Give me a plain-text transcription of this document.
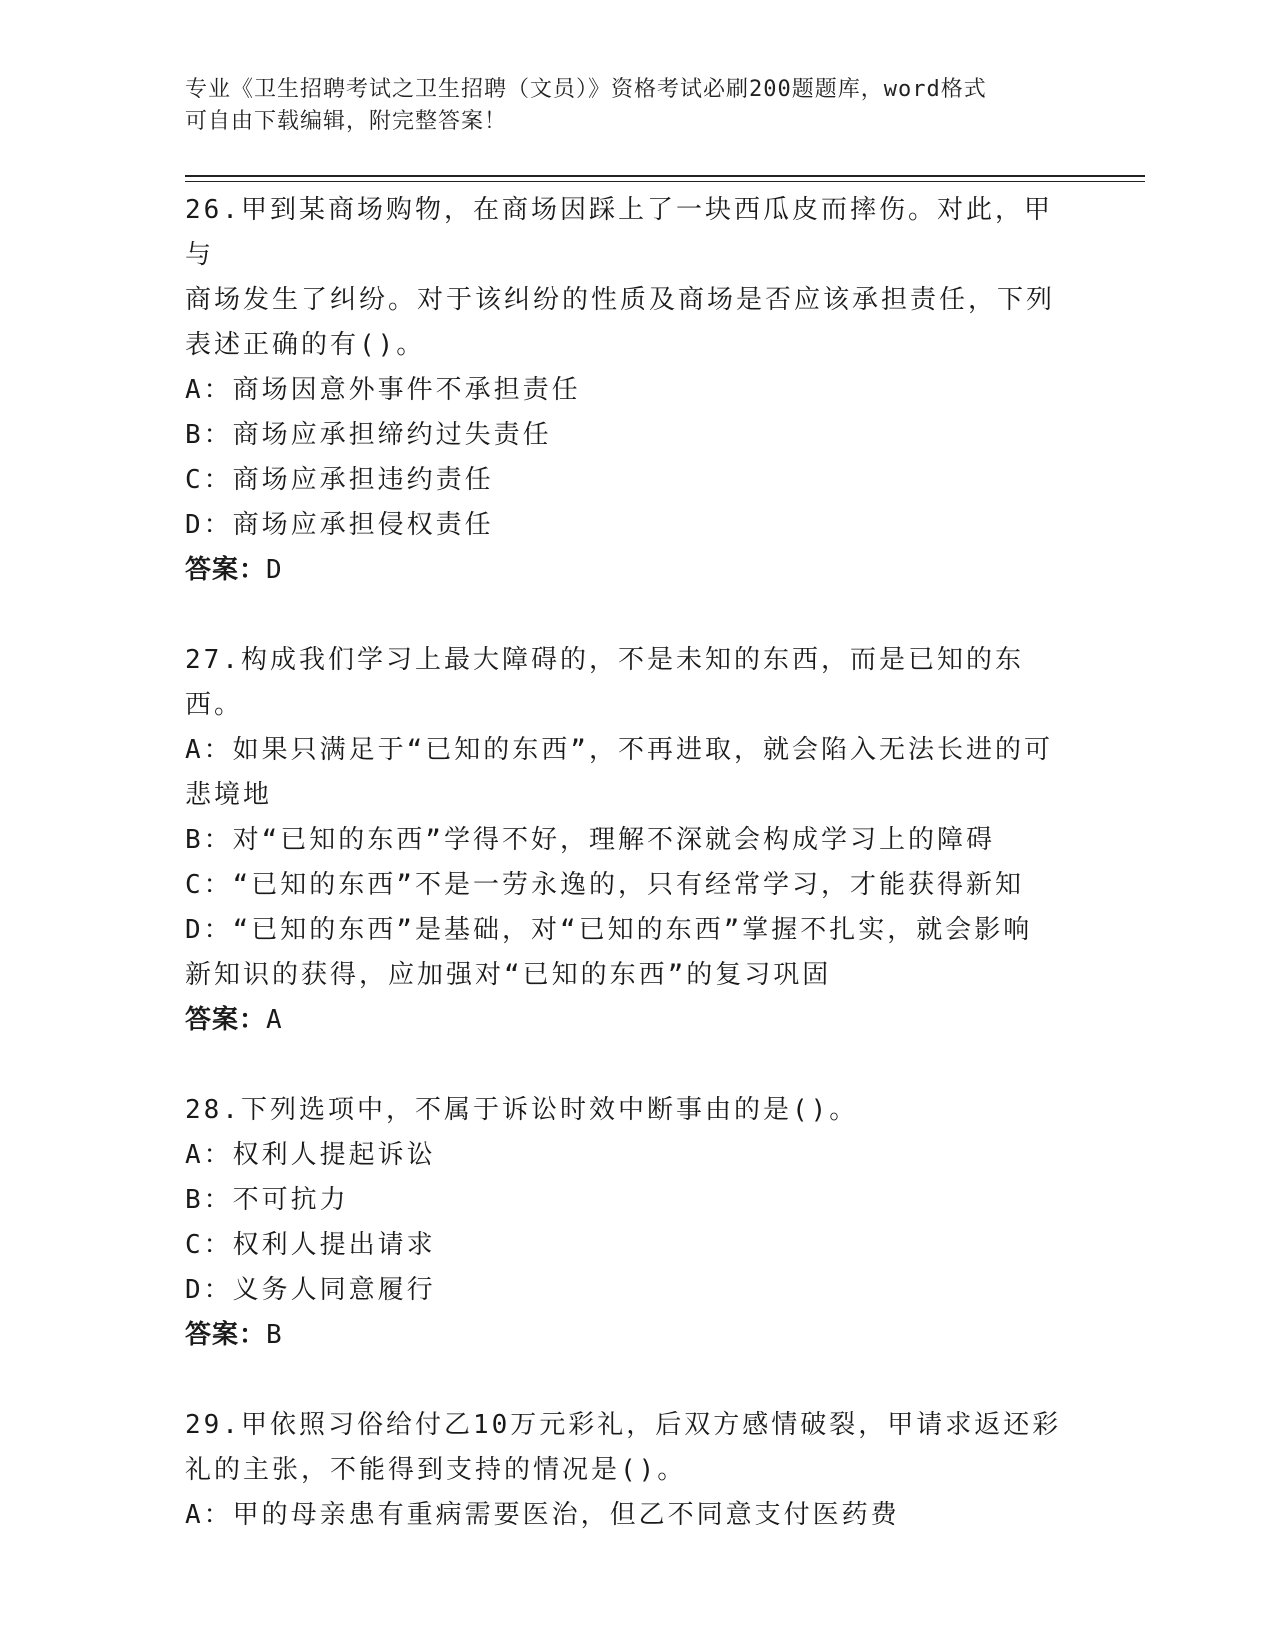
专业《卫生招聘考试之卫生招聘（文员）》资格考试必刷200题题库，word格式
可自由下载编辑，附完整答案！

26.甲到某商场购物，在商场因踩上了一块西瓜皮而摔伤。对此，甲与

商场发生了纠纷。对于该纠纷的性质及商场是否应该承担责任，下列

表述正确的有()。

A：商场因意外事件不承担责任

B：商场应承担缔约过失责任

C：商场应承担违约责任

D：商场应承担侵权责任

答案：D

27.构成我们学习上最大障碍的，不是未知的东西，而是已知的东西。

A：如果只满足于“已知的东西”，不再进取，就会陷入无法长进的可

悲境地

B：对“已知的东西”学得不好，理解不深就会构成学习上的障碍

C：“已知的东西”不是一劳永逸的，只有经常学习，才能获得新知

D：“已知的东西”是基础，对“已知的东西”掌握不扎实，就会影响

新知识的获得，应加强对“已知的东西”的复习巩固

答案：A

28.下列选项中，不属于诉讼时效中断事由的是()。

A：权利人提起诉讼

B：不可抗力

C：权利人提出请求

D：义务人同意履行

答案：B

29.甲依照习俗给付乙10万元彩礼，后双方感情破裂，甲请求返还彩

礼的主张，不能得到支持的情况是()。

A：甲的母亲患有重病需要医治，但乙不同意支付医药费
